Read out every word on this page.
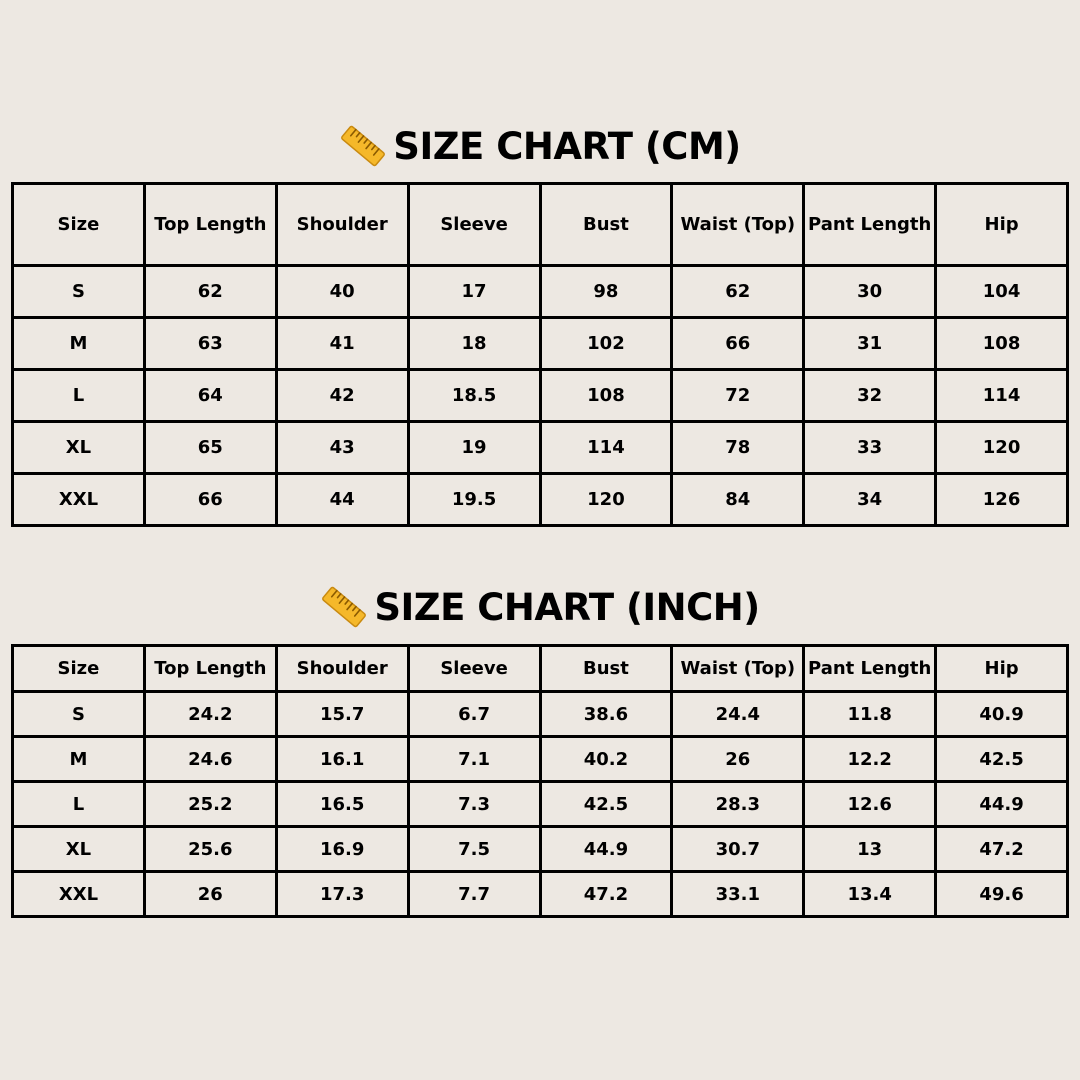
SIZE CHART (CM)
Size	Top Length	Shoulder	Sleeve	Bust	Waist (Top)	Pant Length	Hip
S	62	40	17	98	62	30	104
M	63	41	18	102	66	31	108
L	64	42	18.5	108	72	32	114
XL	65	43	19	114	78	33	120
XXL	66	44	19.5	120	84	34	126
SIZE CHART (INCH)
Size	Top Length	Shoulder	Sleeve	Bust	Waist (Top)	Pant Length	Hip
S	24.2	15.7	6.7	38.6	24.4	11.8	40.9
M	24.6	16.1	7.1	40.2	26	12.2	42.5
L	25.2	16.5	7.3	42.5	28.3	12.6	44.9
XL	25.6	16.9	7.5	44.9	30.7	13	47.2
XXL	26	17.3	7.7	47.2	33.1	13.4	49.6
